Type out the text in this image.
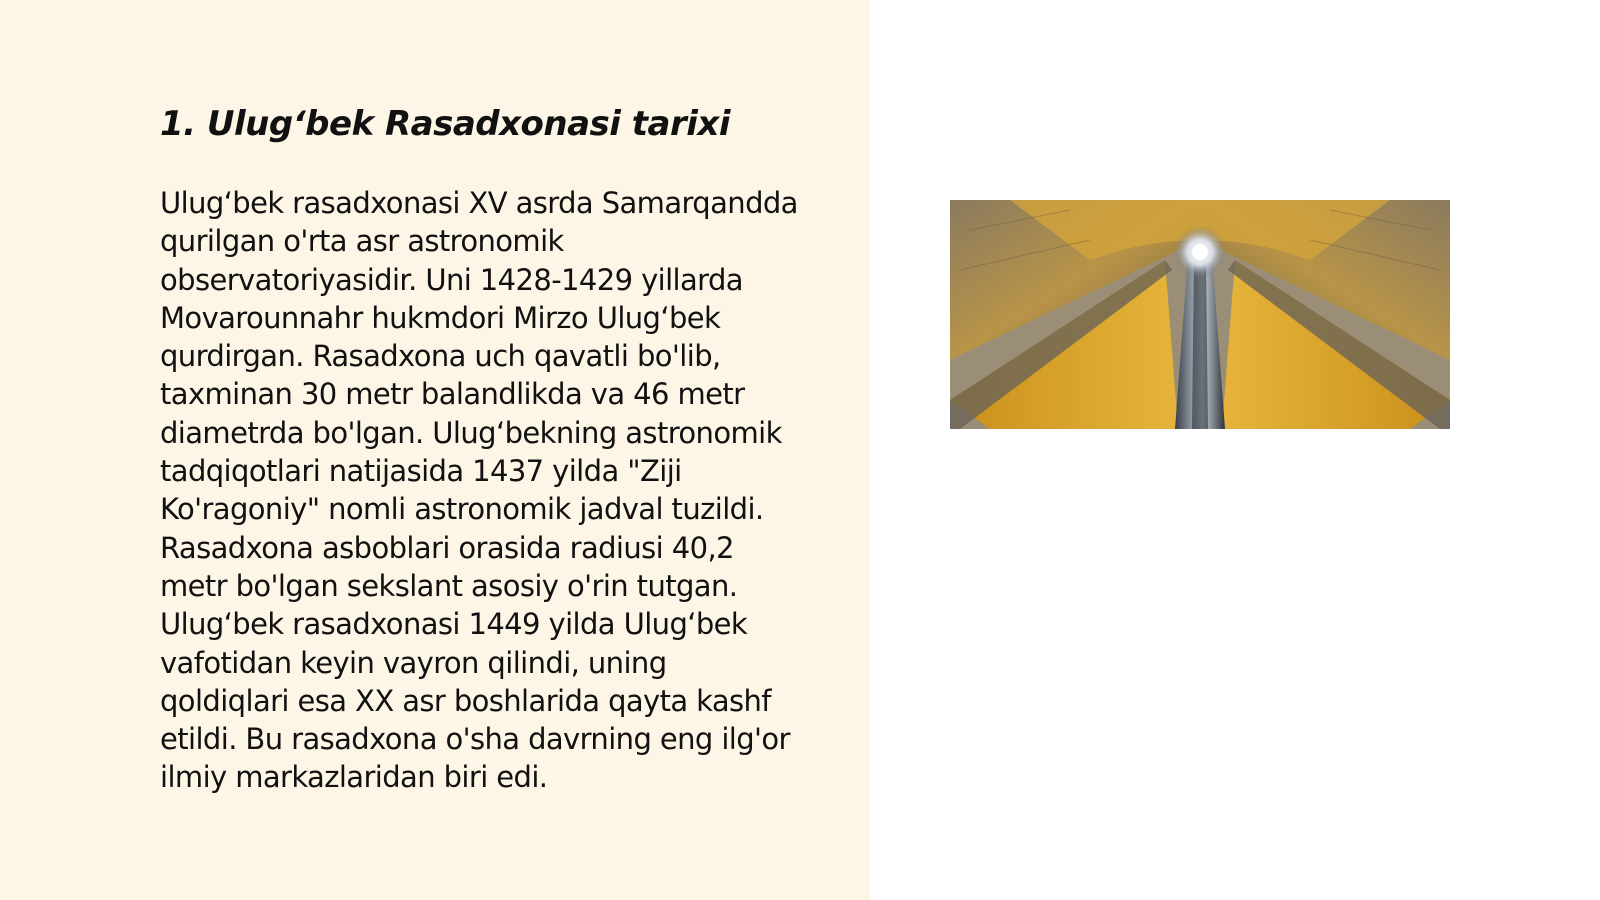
1. Ulug‘bek Rasadxonasi tarixi

Ulug‘bek rasadxonasi XV asrda Samarqandda
qurilgan o'rta asr astronomik
observatoriyasidir. Uni 1428-1429 yillarda
Movarounnahr hukmdori Mirzo Ulug‘bek
qurdirgan. Rasadxona uch qavatli bo'lib,
taxminan 30 metr balandlikda va 46 metr
diametrda bo'lgan. Ulug‘bekning astronomik
tadqiqotlari natijasida 1437 yilda "Ziji
Ko'ragoniy" nomli astronomik jadval tuzildi.
Rasadxona asboblari orasida radiusi 40,2
metr bo'lgan sekslant asosiy o'rin tutgan.
Ulug‘bek rasadxonasi 1449 yilda Ulug‘bek
vafotidan keyin vayron qilindi, uning
qoldiqlari esa XX asr boshlarida qayta kashf
etildi. Bu rasadxona o'sha davrning eng ilg'or
ilmiy markazlaridan biri edi.
